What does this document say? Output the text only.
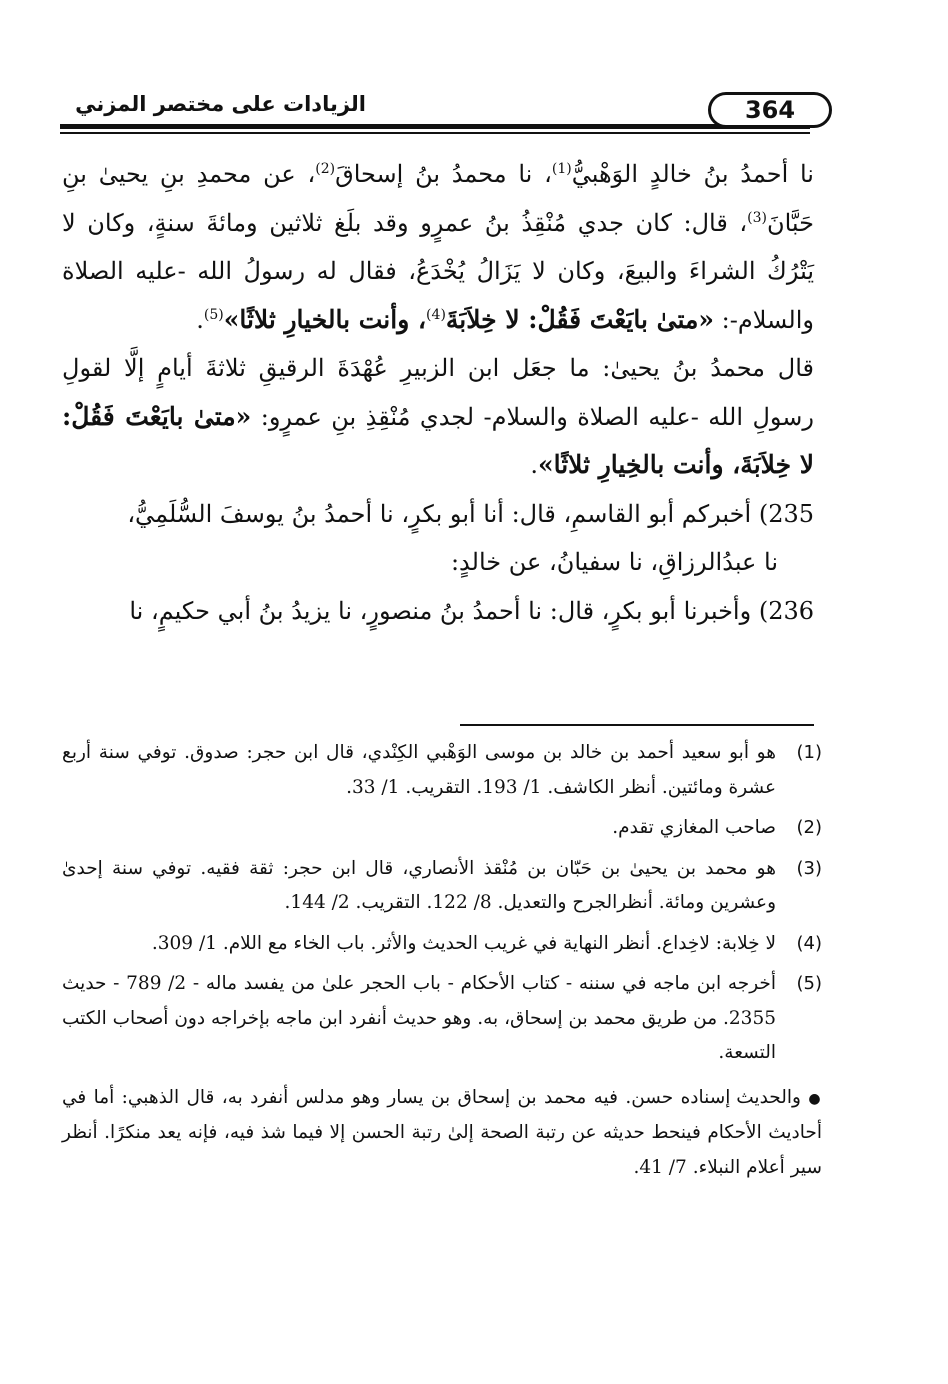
364
الزيادات على مختصر المزني

نا أحمدُ بنُ خالدٍ الوَهْبيُّ$^{(1)}$، نا محمدُ بنُ إسحاقَ$^{(2)}$، عن محمدِ بنِ يحيىٰ بنِ حَبَّانَ$^{(3)}$، قال: كان جدي مُنْقِذُ بنُ عمرٍو وقد بلَغ ثلاثين ومائةَ سنةٍ، وكان لا يَتْرُكُ الشراءَ والبيعَ، وكان لا يَزَالُ يُخْدَعُ، فقال له رسولُ الله -عليه الصلاة والسلام-: «متىٰ بايَعْتَ فَقُلْ: لا خِلاَبَةَ$^{(4)}$، وأنت بالخيارِ ثلاثًا»$^{(5)}$.

قال محمدُ بنُ يحيىٰ: ما جعَل ابن الزبيرِ عُهْدَةَ الرقيقِ ثلاثةَ أيامٍ إلَّا لقولِ رسولِ الله -عليه الصلاة والسلام- لجدي مُنْقِذِ بنِ عمرٍو: «متىٰ بايَعْتَ فَقُلْ: لا خِلاَبَةَ، وأنت بالخِيارِ ثلاثًا».

235) أخبركم أبو القاسمِ، قال: أنا أبو بكرٍ، نا أحمدُ بنُ يوسفَ السُّلَمِيُّ،

نا عبدُالرزاقِ، نا سفيانُ، عن خالدٍ:

236) وأخبرنا أبو بكرٍ، قال: نا أحمدُ بنُ منصورٍ، نا يزيدُ بنُ أبي حكيمٍ، نا

(1)
هو أبو سعيد أحمد بن خالد بن موسى الوَهْبي الكِنْدي، قال ابن حجر: صدوق. توفي سنة أربع عشرة ومائتين. أنظر الكاشف. 1/ 193. التقريب. 1/ 33.
(2)
صاحب المغازي تقدم.
(3)
هو محمد بن يحيىٰ بن حَبّان بن مُنْقذ الأنصاري، قال ابن حجر: ثقة فقيه. توفي سنة إحدىٰ وعشرين ومائة. أنظرالجرح والتعديل. 8/ 122. التقريب. 2/ 144.
(4)
لا خِلابة: لاخِداع. أنظر النهاية في غريب الحديث والأثر. باب الخاء مع اللام. 1/ 309.
(5)
أخرجه ابن ماجه في سننه - كتاب الأحكام - باب الحجر علىٰ من يفسد ماله - 2/ 789 - حديث 2355. من طريق محمد بن إسحاق، به. وهو حديث أنفرد ابن ماجه بإخراجه دون أصحاب الكتب التسعة.
● والحديث إسناده حسن. فيه محمد بن إسحاق بن يسار وهو مدلس أنفرد به، قال الذهبي: أما في أحاديث الأحكام فينحط حديثه عن رتبة الصحة إلىٰ رتبة الحسن إلا فيما شذ فيه، فإنه يعد منكرًا. أنظر سير أعلام النبلاء. 7/ 41.
